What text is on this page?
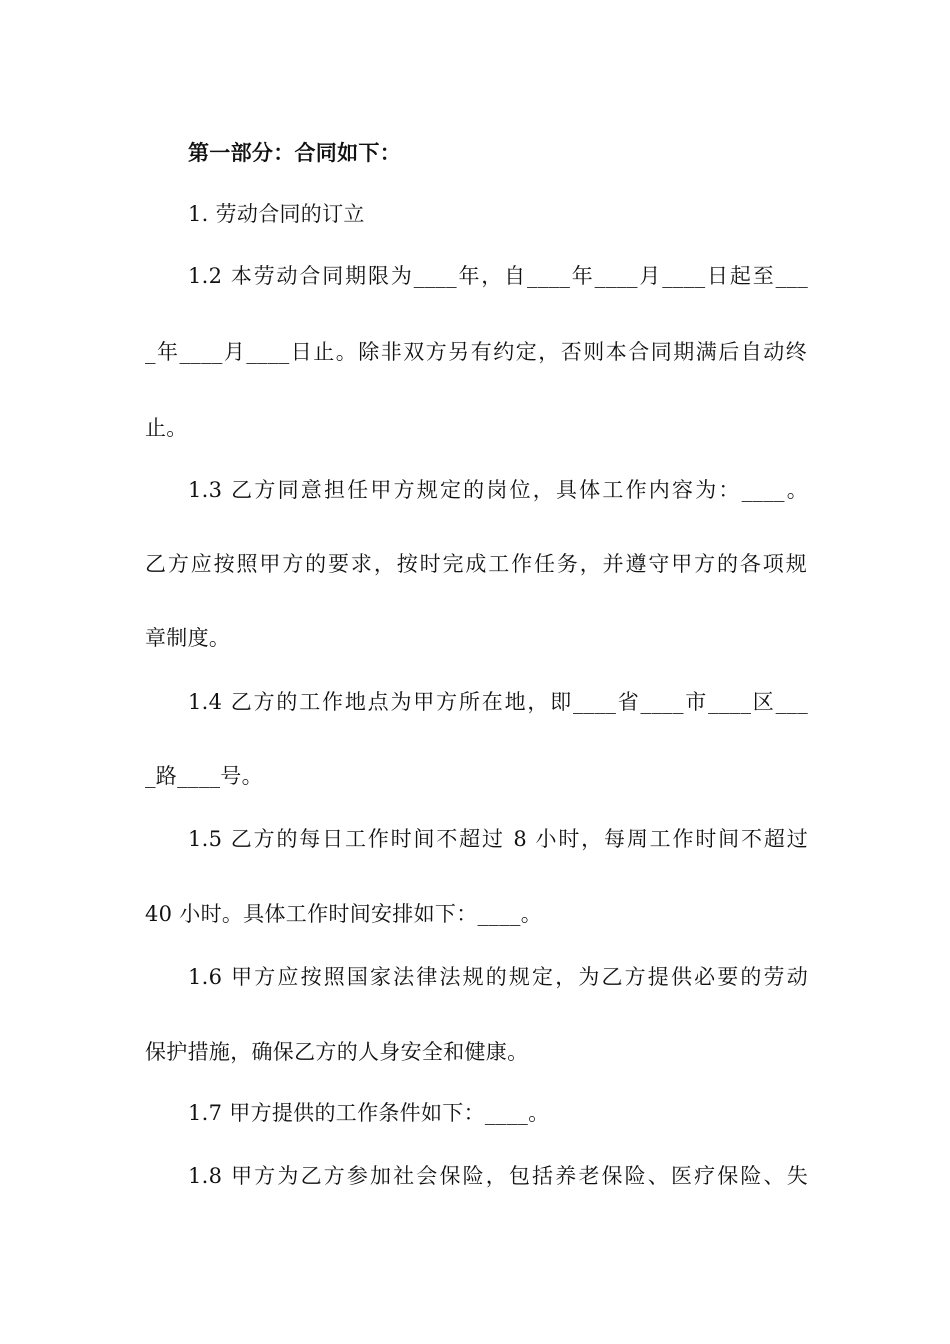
第一部分：合同如下：
1. 劳动合同的订立
1.2 本劳动合同期限为____年，自____年____月____日起至___
_年____月____日止。除非双方另有约定，否则本合同期满后自动终
止。
1.3 乙方同意担任甲方规定的岗位，具体工作内容为：____。
乙方应按照甲方的要求，按时完成工作任务，并遵守甲方的各项规
章制度。
1.4 乙方的工作地点为甲方所在地，即____省____市____区___
_路____号。
1.5 乙方的每日工作时间不超过 8 小时，每周工作时间不超过
40 小时。具体工作时间安排如下：____。
1.6 甲方应按照国家法律法规的规定，为乙方提供必要的劳动
保护措施，确保乙方的人身安全和健康。
1.7 甲方提供的工作条件如下：____。
1.8 甲方为乙方参加社会保险，包括养老保险、医疗保险、失
